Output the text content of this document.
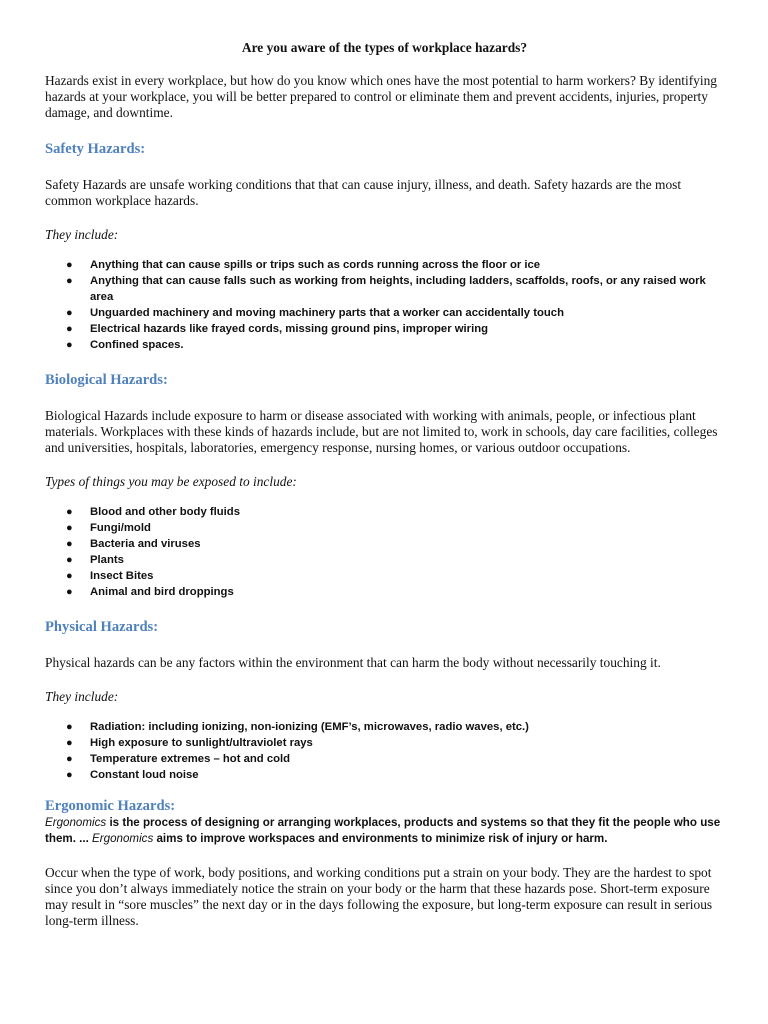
Are you aware of the types of workplace hazards?

Hazards exist in every workplace, but how do you know which ones have the most potential to harm workers? By identifying hazards at your workplace, you will be better prepared to control or eliminate them and prevent accidents, injuries, property damage, and downtime.

Safety Hazards:

Safety Hazards are unsafe working conditions that that can cause injury, illness, and death. Safety hazards are the most common workplace hazards.

They include:

● Anything that can cause spills or trips such as cords running across the floor or ice
● Anything that can cause falls such as working from heights, including ladders, scaffolds, roofs, or any raised work area
● Unguarded machinery and moving machinery parts that a worker can accidentally touch
● Electrical hazards like frayed cords, missing ground pins, improper wiring
● Confined spaces.

Biological Hazards:

Biological Hazards include exposure to harm or disease associated with working with animals, people, or infectious plant materials. Workplaces with these kinds of hazards include, but are not limited to, work in schools, day care facilities, colleges and universities, hospitals, laboratories, emergency response, nursing homes, or various outdoor occupations.

Types of things you may be exposed to include:

● Blood and other body fluids
● Fungi/mold
● Bacteria and viruses
● Plants
● Insect Bites
● Animal and bird droppings

Physical Hazards:

Physical hazards can be any factors within the environment that can harm the body without necessarily touching it.

They include:

● Radiation: including ionizing, non-ionizing (EMF’s, microwaves, radio waves, etc.)
● High exposure to sunlight/ultraviolet rays
● Temperature extremes – hot and cold
● Constant loud noise

Ergonomic Hazards:

Ergonomics is the process of designing or arranging workplaces, products and systems so that they fit the people who use them. ... Ergonomics aims to improve workspaces and environments to minimize risk of injury or harm.

Occur when the type of work, body positions, and working conditions put a strain on your body. They are the hardest to spot since you don’t always immediately notice the strain on your body or the harm that these hazards pose. Short-term exposure may result in “sore muscles” the next day or in the days following the exposure, but long-term exposure can result in serious long-term illness.
